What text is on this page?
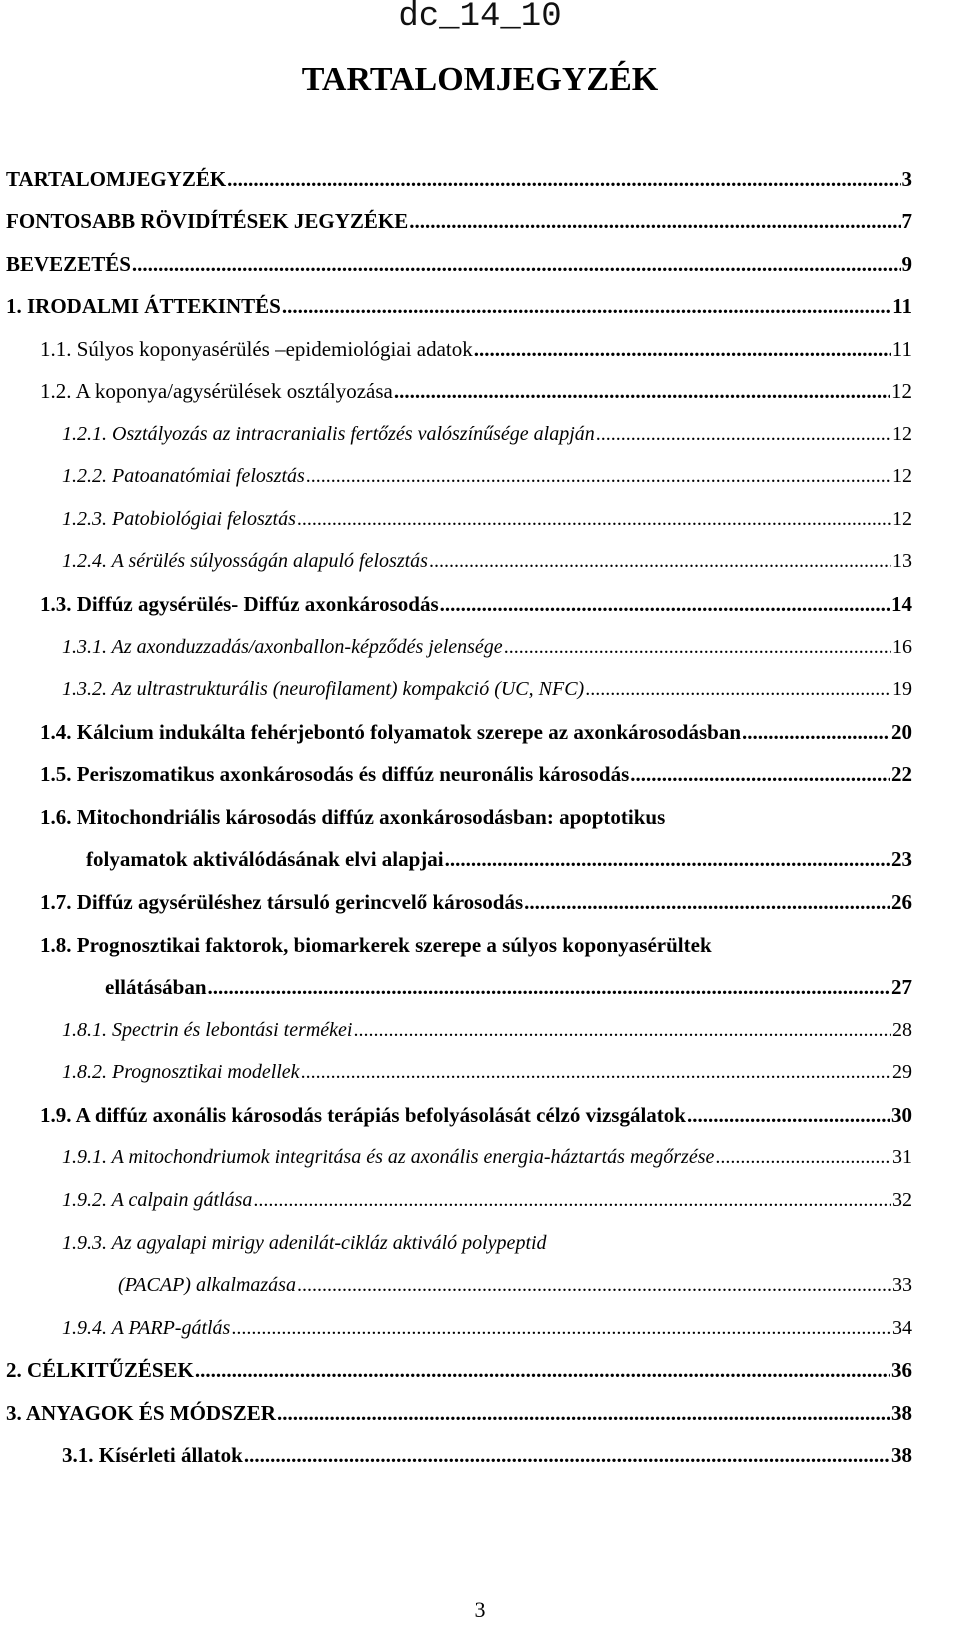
dc_14_10
TARTALOMJEGYZÉK
TARTALOMJEGYZÉK .....	3
FONTOSABB RÖVIDÍTÉSEK JEGYZÉKE .....	7
BEVEZETÉS .....	9
1. IRODALMI ÁTTEKINTÉS .....	11
1.1. Súlyos koponyasérülés –epidemiológiai adatok .....	11
1.2. A koponya/agysérülések osztályozása .....	12
1.2.1. Osztályozás az intracranialis fertőzés valószínűsége alapján .....	12
1.2.2. Patoanatómiai felosztás .....	12
1.2.3. Patobiológiai felosztás .....	12
1.2.4. A sérülés súlyosságán alapuló felosztás .....	13
1.3. Diffúz agysérülés- Diffúz axonkárosodás .....	14
1.3.1. Az axonduzzadás/axonballon-képződés jelensége .....	16
1.3.2. Az ultrastrukturális (neurofilament) kompakció (UC, NFC) .....	19
1.4. Kálcium indukálta fehérjebontó folyamatok szerepe az axonkárosodásban .....	20
1.5. Periszomatikus axonkárosodás és diffúz neuronális károsodás .....	22
1.6. Mitochondriális károsodás diffúz axonkárosodásban: apoptotikus
folyamatok aktiválódásának elvi alapjai .....	23
1.7. Diffúz agysérüléshez társuló gerincvelő károsodás .....	26
1.8. Prognosztikai faktorok, biomarkerek szerepe a súlyos koponyasérültek
ellátásában .....	27
1.8.1. Spectrin és lebontási termékei .....	28
1.8.2. Prognosztikai modellek .....	29
1.9. A diffúz axonális károsodás terápiás befolyásolását célzó vizsgálatok .....	30
1.9.1. A mitochondriumok integritása és az axonális energia-háztartás megőrzése .....	31
1.9.2. A calpain gátlása .....	32
1.9.3. Az agyalapi mirigy adenilát-cikláz aktiváló polypeptid
(PACAP) alkalmazása .....	33
1.9.4. A PARP-gátlás .....	34
2. CÉLKITŰZÉSEK .....	36
3. ANYAGOK ÉS MÓDSZER .....	38
3.1. Kísérleti állatok .....	38
3
